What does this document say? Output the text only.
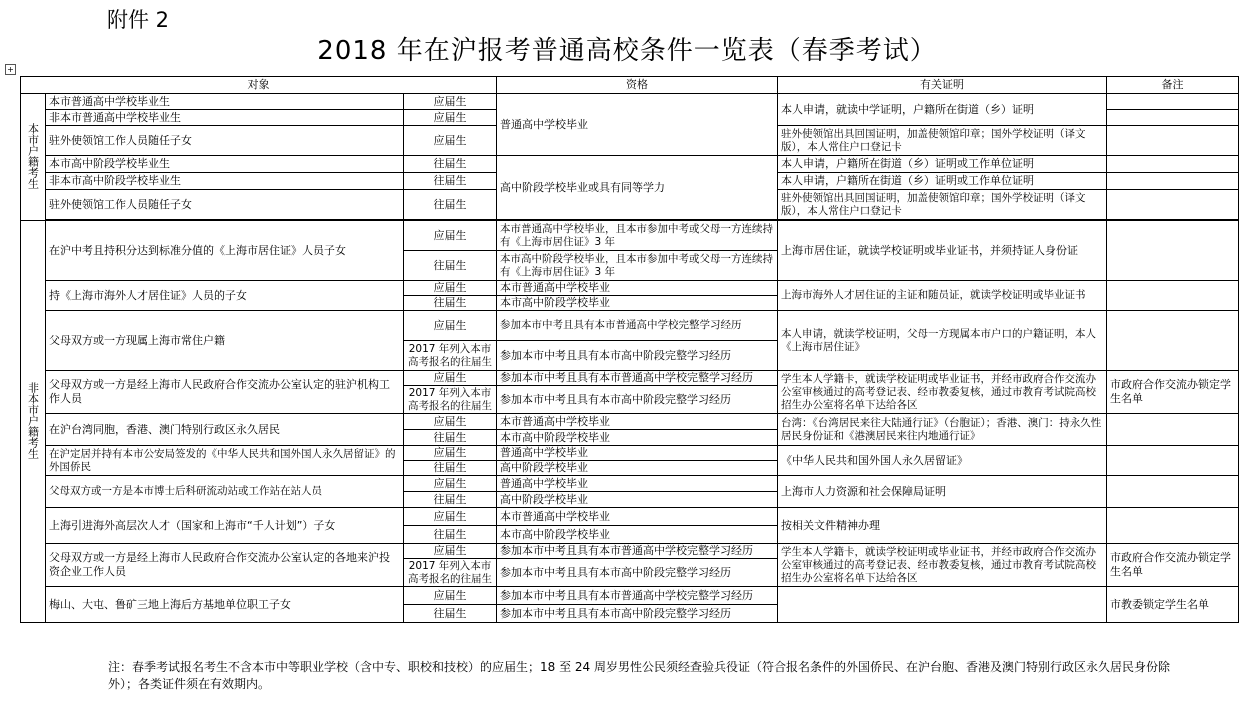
附件 2
2018 年在沪报考普通高校条件一览表（春季考试）
+
对象			资格	有关证明	备注
本市户籍考生	本市普通高中学校毕业生	应届生	普通高中学校毕业	本人申请，就读中学证明，户籍所在街道（乡）证明	
	非本市普通高中学校毕业生	应届生			
	驻外使领馆工作人员随任子女	应届生		驻外使领馆出具回国证明，加盖使领馆印章；国外学校证明（译文版），本人常住户口登记卡	
	本市高中阶段学校毕业生	往届生	高中阶段学校毕业或具有同等学力	本人申请，户籍所在街道（乡）证明或工作单位证明	
	非本市高中阶段学校毕业生	往届生		本人申请，户籍所在街道（乡）证明或工作单位证明	
	驻外使领馆工作人员随任子女	往届生		驻外使领馆出具回国证明，加盖使领馆印章；国外学校证明（译文版），本人常住户口登记卡	

非本市户籍考生	在沪中考且持积分达到标准分值的《上海市居住证》人员子女	应届生	本市普通高中学校毕业，且本市参加中考或父母一方连续持有《上海市居住证》3 年	上海市居住证，就读学校证明或毕业证书，并须持证人身份证	
		往届生	本市高中阶段学校毕业，且本市参加中考或父母一方连续持有《上海市居住证》3 年		
	持《上海市海外人才居住证》人员的子女	应届生	本市普通高中学校毕业	上海市海外人才居住证的主证和随员证，就读学校证明或毕业证书	
		往届生	本市高中阶段学校毕业		
	父母双方或一方现属上海市常住户籍	应届生	参加本市中考且具有本市普通高中学校完整学习经历	本人申请，就读学校证明，父母一方现属本市户口的户籍证明，本人《上海市居住证》	
		2017 年列入本市高考报名的往届生	参加本市中考且具有本市高中阶段完整学习经历		
	父母双方或一方是经上海市人民政府合作交流办公室认定的驻沪机构工作人员	应届生	参加本市中考且具有本市普通高中学校完整学习经历	学生本人学籍卡，就读学校证明或毕业证书，并经市政府合作交流办公室审核通过的高考登记表、经市教委复核，通过市教育考试院高校招生办公室将名单下达给各区	市政府合作交流办锁定学生名单
		2017 年列入本市高考报名的往届生	参加本市中考且具有本市高中阶段完整学习经历		
	在沪台湾同胞，香港、澳门特别行政区永久居民	应届生	本市普通高中学校毕业	台湾：《台湾居民来往大陆通行证》（台胞证）；香港、澳门：持永久性居民身份证和《港澳居民来往内地通行证》	
		往届生	本市高中阶段学校毕业		
	在沪定居并持有本市公安局签发的《中华人民共和国外国人永久居留证》的外国侨民	应届生	普通高中学校毕业	《中华人民共和国外国人永久居留证》	
		往届生	高中阶段学校毕业		
	父母双方或一方是本市博士后科研流动站或工作站在站人员	应届生	普通高中学校毕业	上海市人力资源和社会保障局证明	
		往届生	高中阶段学校毕业		
	上海引进海外高层次人才（国家和上海市“千人计划”）子女	应届生	本市普通高中学校毕业	按相关文件精神办理	
		往届生	本市高中阶段学校毕业		
	父母双方或一方是经上海市人民政府合作交流办公室认定的各地来沪投资企业工作人员	应届生	参加本市中考且具有本市普通高中学校完整学习经历	学生本人学籍卡，就读学校证明或毕业证书，并经市政府合作交流办公室审核通过的高考登记表、经市教委复核，通过市教育考试院高校招生办公室将名单下达给各区	市政府合作交流办锁定学生名单
		2017 年列入本市高考报名的往届生	参加本市中考且具有本市高中阶段完整学习经历		
	梅山、大屯、鲁矿三地上海后方基地单位职工子女	应届生	参加本市中考且具有本市普通高中学校完整学习经历		市教委锁定学生名单
		往届生	参加本市中考且具有本市高中阶段完整学习经历		
注：春季考试报名考生不含本市中等职业学校（含中专、职校和技校）的应届生；18 至 24 周岁男性公民须经查验兵役证（符合报名条件的外国侨民、在沪台胞、香港及澳门特别行政区永久居民身份除外）；各类证件须在有效期内。
